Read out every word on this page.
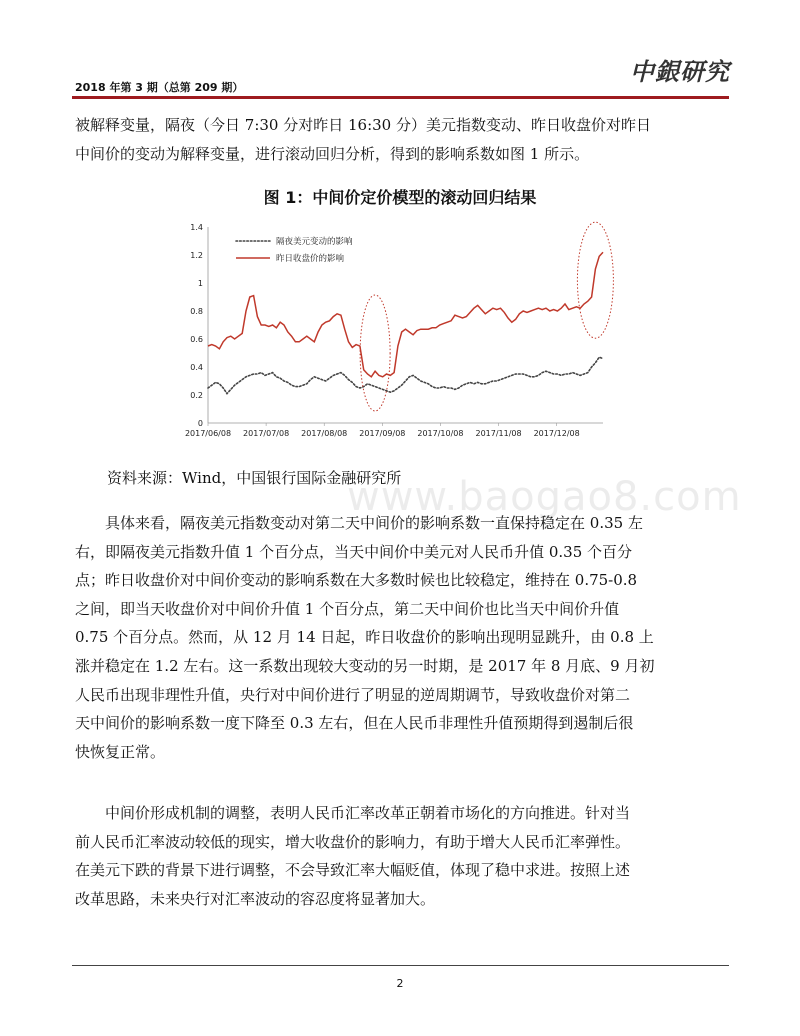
2018 年第 3 期（总第 209 期）
中銀研究
被解释变量，隔夜（今日 7:30 分对昨日 16:30 分）美元指数变动、昨日收盘价对昨日
中间价的变动为解释变量，进行滚动回归分析，得到的影响系数如图 1 所示。
图 1：中间价定价模型的滚动回归结果
0
0.2
0.4
0.6
0.8
1
1.2
1.4
2017/06/08 2017/07/08 2017/08/08 2017/09/08 2017/10/08 2017/11/08 2017/12/08
隔夜美元变动的影响
昨日收盘价的影响

资料来源：Wind，中国银行国际金融研究所

www.baogao8.com
　　具体来看，隔夜美元指数变动对第二天中间价的影响系数一直保持稳定在 0.35 左
右，即隔夜美元指数升值 1 个百分点，当天中间价中美元对人民币升值 0.35 个百分
点；昨日收盘价对中间价变动的影响系数在大多数时候也比较稳定，维持在 0.75-0.8
之间，即当天收盘价对中间价升值 1 个百分点，第二天中间价也比当天中间价升值
0.75 个百分点。然而，从 12 月 14 日起，昨日收盘价的影响出现明显跳升，由 0.8 上
涨并稳定在 1.2 左右。这一系数出现较大变动的另一时期，是 2017 年 8 月底、9 月初
人民币出现非理性升值，央行对中间价进行了明显的逆周期调节，导致收盘价对第二
天中间价的影响系数一度下降至 0.3 左右，但在人民币非理性升值预期得到遏制后很
快恢复正常。
　　中间价形成机制的调整，表明人民币汇率改革正朝着市场化的方向推进。针对当
前人民币汇率波动较低的现实，增大收盘价的影响力，有助于增大人民币汇率弹性。
在美元下跌的背景下进行调整，不会导致汇率大幅贬值，体现了稳中求进。按照上述
改革思路，未来央行对汇率波动的容忍度将显著加大。
2
